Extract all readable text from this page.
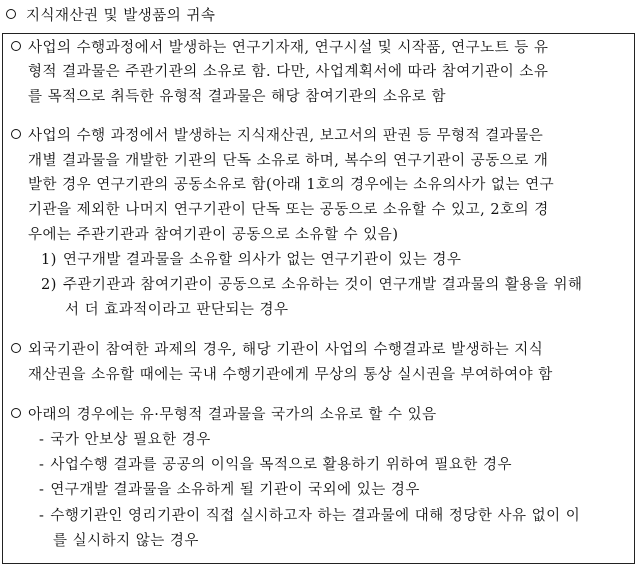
지식재산권 및 발생품의 귀속
사업의 수행과정에서 발생하는 연구기자재, 연구시설 및 시작품, 연구노트 등 유
형적 결과물은 주관기관의 소유로 함. 다만, 사업계획서에 따라 참여기관이 소유
를 목적으로 취득한 유형적 결과물은 해당 참여기관의 소유로 함
사업의 수행 과정에서 발생하는 지식재산권, 보고서의 판권 등 무형적 결과물은
개별 결과물을 개발한 기관의 단독 소유로 하며, 복수의 연구기관이 공동으로 개
발한 경우 연구기관의 공동소유로 함(아래 1호의 경우에는 소유의사가 없는 연구
기관을 제외한 나머지 연구기관이 단독 또는 공동으로 소유할 수 있고, 2호의 경
우에는 주관기관과 참여기관이 공동으로 소유할 수 있음)
1) 연구개발 결과물을 소유할 의사가 없는 연구기관이 있는 경우
2) 주관기관과 참여기관이 공동으로 소유하는 것이 연구개발 결과물의 활용을 위해
서 더 효과적이라고 판단되는 경우
외국기관이 참여한 과제의 경우, 해당 기관이 사업의 수행결과로 발생하는 지식
재산권을 소유할 때에는 국내 수행기관에게 무상의 통상 실시권을 부여하여야 함
아래의 경우에는 유·무형적 결과물을 국가의 소유로 할 수 있음
- 국가 안보상 필요한 경우
- 사업수행 결과를 공공의 이익을 목적으로 활용하기 위하여 필요한 경우
- 연구개발 결과물을 소유하게 될 기관이 국외에 있는 경우
- 수행기관인 영리기관이 직접 실시하고자 하는 결과물에 대해 정당한 사유 없이 이
를 실시하지 않는 경우
